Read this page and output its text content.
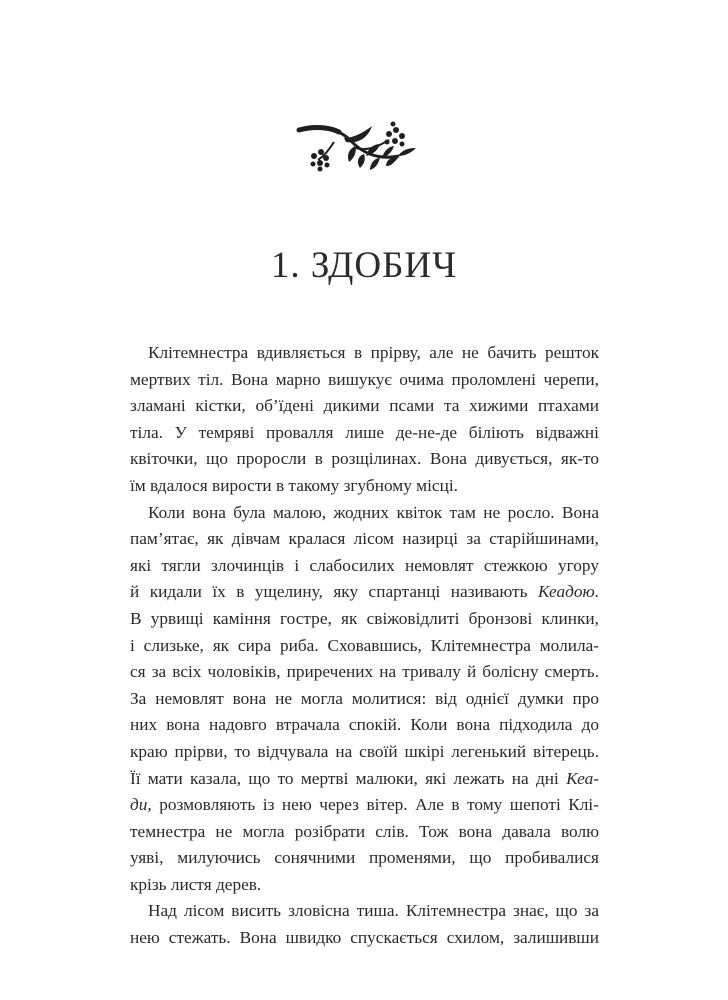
1. ЗДОБИЧ
Клітемнестра вдивляється в прірву, але не бачить решток
мертвих тіл. Вона марно вишукує очима проломлені черепи,
зламані кістки, об’їдені дикими псами та хижими птахами
тіла. У темряві провалля лише де-не-де біліють відважні
квіточки, що проросли в розщілинах. Вона дивується, як-то
їм вдалося вирости в такому згубному місці.
Коли вона була малою, жодних квіток там не росло. Вона
пам’ятає, як дівчам кралася лісом назирці за старійшинами,
які тягли злочинців і слабосилих немовлят стежкою угору
й кидали їх в ущелину, яку спартанці називають Кеадою.
В урвищі каміння гостре, як свіжовідлиті бронзові клинки,
і слизьке, як сира риба. Сховавшись, Клітемнестра молила-
ся за всіх чоловіків, приречених на тривалу й болісну смерть.
За немовлят вона не могла молитися: від однієї думки про
них вона надовго втрачала спокій. Коли вона підходила до
краю прірви, то відчувала на своїй шкірі легенький вітерець.
Її мати казала, що то мертві малюки, які лежать на дні Кеа-
ди, розмовляють із нею через вітер. Але в тому шепоті Клі-
темнестра не могла розібрати слів. Тож вона давала волю
уяві, милуючись сонячними променями, що пробивалися
крізь листя дерев.
Над лісом висить зловісна тиша. Клітемнестра знає, що за
нею стежать. Вона швидко спускається схилом, залишивши
